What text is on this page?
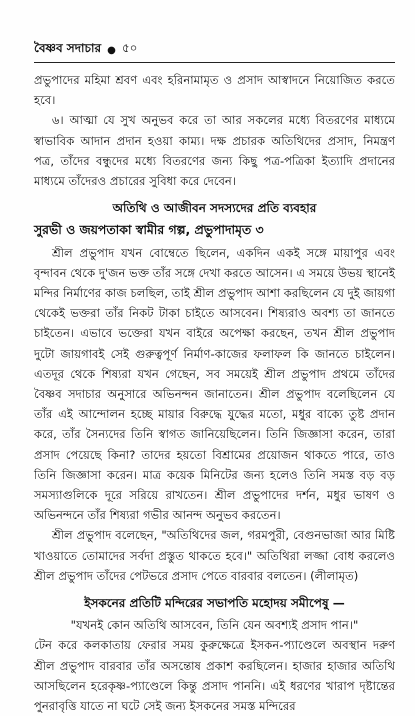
বৈষ্ণব সদাচার ● ৫০

প্রভুপাদের মহিমা শ্রবণ এবং হরিনামামৃত ও প্রসাদ আস্বাদনে নিয়োজিত করতে হবে।

৬। আত্মা যে সুখ অনুভব করে তা আর সকলের মধ্যে বিতরণের মাধ্যমে স্বাভাবিক আদান প্রদান হওয়া কাম্য। দক্ষ প্রচারক অতিথিদের প্রসাদ, নিমন্ত্রণ পত্র, তাঁদের বন্ধুদের মধ্যে বিতরণের জন্য কিছু পত্র-পত্রিকা ইত্যাদি প্রদানের মাধ্যমে তাঁদেরও প্রচারের সুবিধা করে দেবেন।

অতিথি ও আজীবন সদস্যদের প্রতি ব্যবহার

সুরভী ও জয়পতাকা স্বামীর গল্প, প্রভুপাদামৃত ৩

শ্রীল প্রভুপাদ যখন বোম্বেতে ছিলেন, একদিন একই সঙ্গে মায়াপুর এবং বৃন্দাবন থেকে দু'জন ভক্ত তাঁর সঙ্গে দেখা করতে আসেন। এ সময়ে উভয় স্থানেই মন্দির নির্মাণের কাজ চলছিল, তাই শ্রীল প্রভুপাদ আশা করছিলেন যে দুই জায়গা থেকেই ভক্তরা তাঁর নিকট টাকা চাইতে আসবেন। শিষ্যরাও অবশ্য তা জানতে চাইতেন। এভাবে ভক্তেরা যখন বাইরে অপেক্ষা করছেন, তখন শ্রীল প্রভুপাদ দুটো জায়গাবই সেই গুরুত্বপূর্ণ নির্মাণ-কাজের ফলাফল কি জানতে চাইলেন। এতদূর থেকে শিষ্যরা যখন গেছেন, সব সময়েই শ্রীল প্রভুপাদ প্রথমে তাঁদের বৈষ্ণব সদাচার অনুসারে অভিনন্দন জানাতেন। শ্রীল প্রভুপাদ বলেছিলেন যে তাঁর এই আন্দোলন হচ্ছে মায়ার বিরুদ্ধে যুদ্ধের মতো, মধুর বাক্যে তুষ্ট প্রদান করে, তাঁর সৈন্যদের তিনি স্বাগত জানিয়েছিলেন। তিনি জিজ্ঞাসা করেন, তারা প্রসাদ পেয়েছে কিনা? তাদের হয়তো বিশ্রামের প্রয়োজন থাকতে পারে, তাও তিনি জিজ্ঞাসা করেন। মাত্র কয়েক মিনিটের জন্য হলেও তিনি সমস্ত বড় বড় সমস্যাগুলিকে দূরে সরিয়ে রাখতেন। শ্রীল প্রভুপাদের দর্শন, মধুর ভাষণ ও অভিনন্দনে তাঁর শিষ্যরা গভীর আনন্দ অনুভব করতেন।

শ্রীল প্রভুপাদ বলেছেন, "অতিথিদের জল, গরমপুরী, বেগুনভাজা আর মিষ্টি খাওয়াতে তোমাদের সর্বদা প্রস্তুত থাকতে হবে।" অতিথিরা লজ্জা বোধ করলেও শ্রীল প্রভুপাদ তাঁদের পেটভরে প্রসাদ পেতে বারবার বলতেন। (লীলামৃত)

ইসকনের প্রতিটি মন্দিরের সভাপতি মহোদয় সমীপেষু —

"যখনই কোন অতিথি আসবেন, তিনি যেন অবশ্যই প্রসাদ পান।"

টেন করে কলকাতায় ফেরার সময় কুরুক্ষেত্রে ইসকন-প্যাণ্ডেলে অবস্থান দরুণ শ্রীল প্রভুপাদ বারবার তাঁর অসন্তোষ প্রকাশ করছিলেন। হাজার হাজার অতিথি আসছিলেন হরেকৃষ্ণ-প্যাণ্ডেলে কিন্তু প্রসাদ পাননি। এই ধরণের খারাপ দৃষ্টান্তের পুনরাবৃত্তি যাতে না ঘটে সেই জন্য ইসকনের সমস্ত মন্দিরের
